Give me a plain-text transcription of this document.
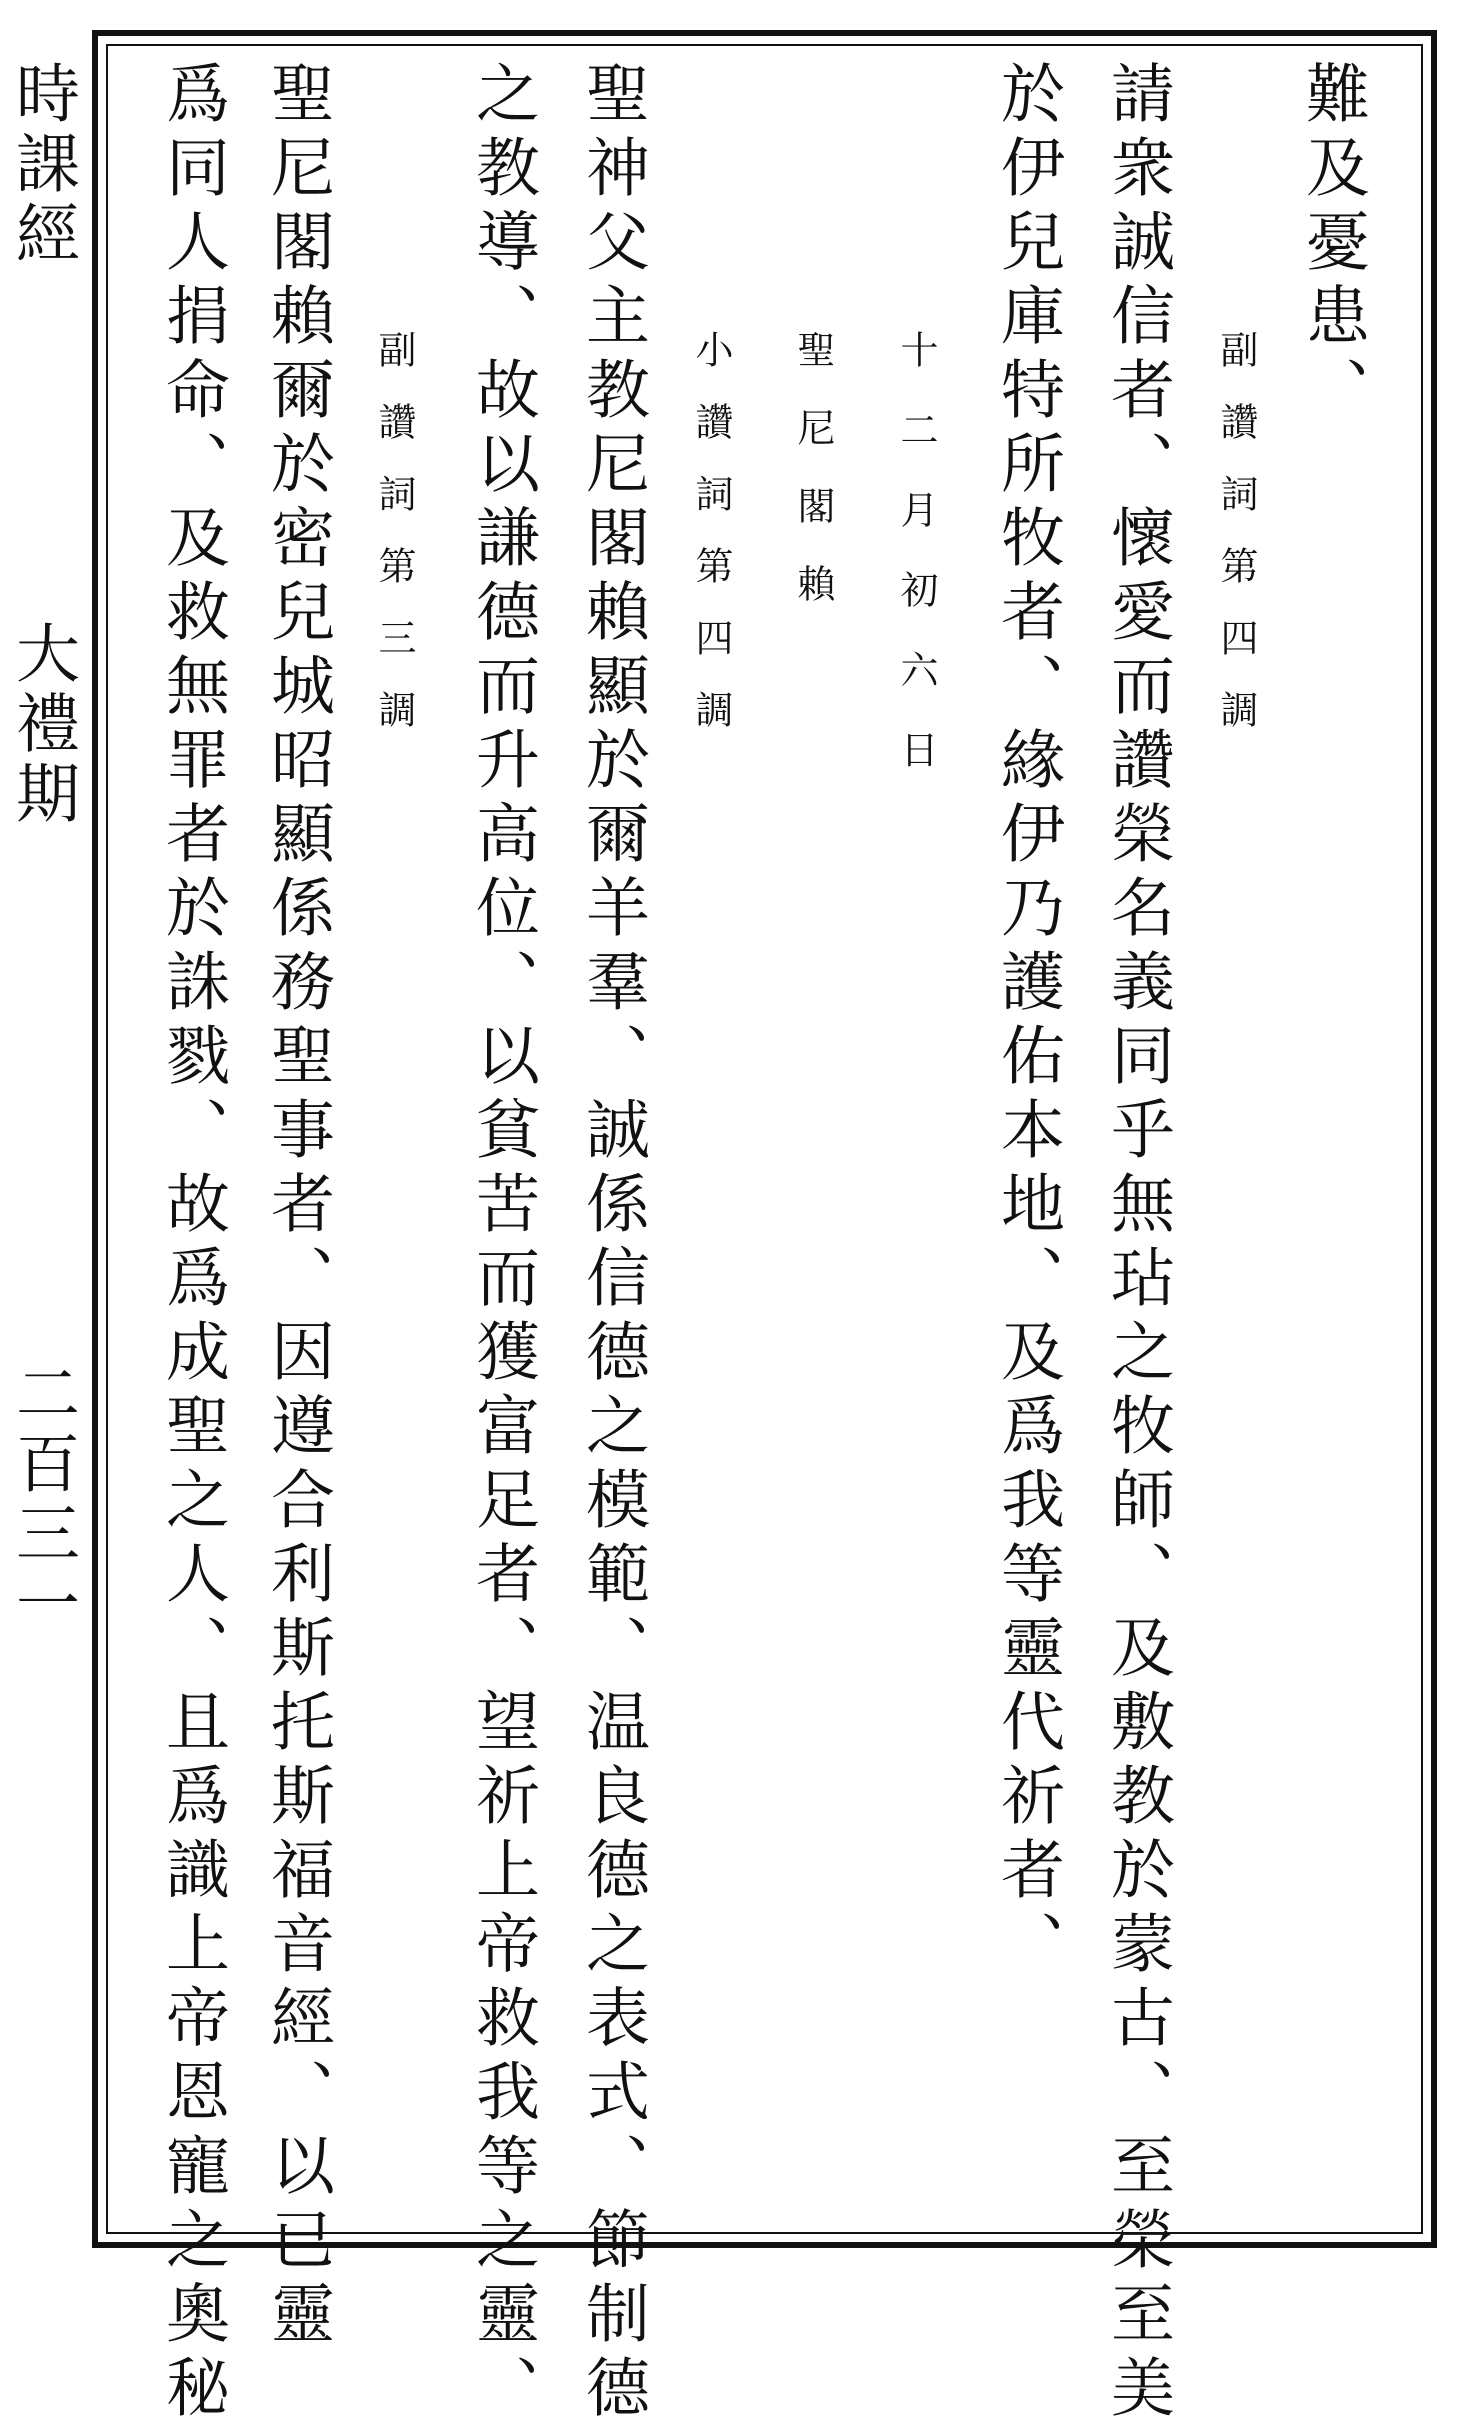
難及憂患、
副讚詞第四調
請衆誠信者、懷愛而讚榮名義同乎無玷之牧師、及敷教於蒙古、至榮至美
於伊兒庫特所牧者、緣伊乃護佑本地、及爲我等靈代祈者、
十二月初六日
聖尼閣賴
小讚詞第四調
聖神父主教尼閣賴顯於爾羊羣、誠係信德之模範、温良德之表式、節制德
之教導、故以謙德而升高位、以貧苦而獲富足者、望祈上帝救我等之靈、
副讚詞第三調
聖尼閣賴爾於密兒城昭顯係務聖事者、因遵合利斯托斯福音經、以已靈
爲同人捐命、及救無罪者於誅戮、故爲成聖之人、且爲識上帝恩寵之奧秘
時課經
大禮期
二百三一
